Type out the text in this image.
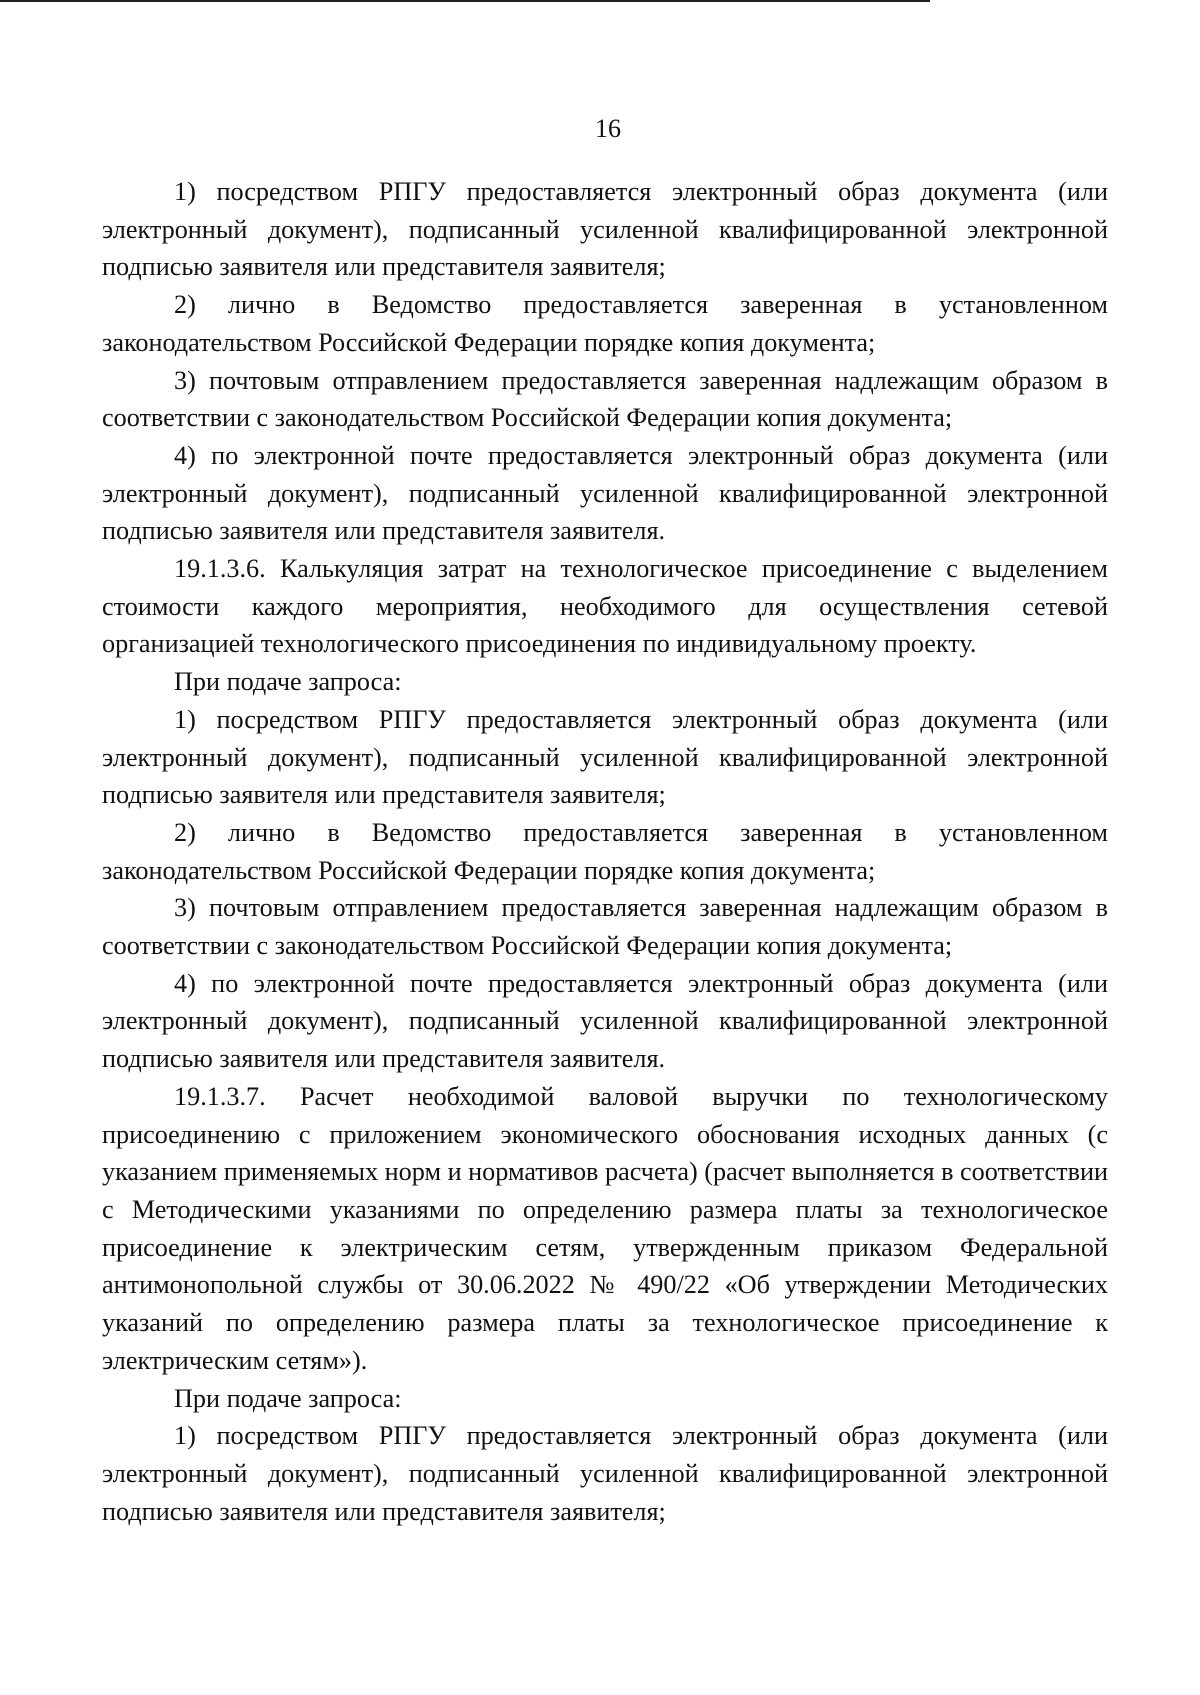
16

1) посредством РПГУ предоставляется электронный образ документа (или электронный документ), подписанный усиленной квалифицированной электронной подписью заявителя или представителя заявителя;

2) лично в Ведомство предоставляется заверенная в установленном законодательством Российской Федерации порядке копия документа;

3) почтовым отправлением предоставляется заверенная надлежащим образом в соответствии с законодательством Российской Федерации копия документа;

4) по электронной почте предоставляется электронный образ документа (или электронный документ), подписанный усиленной квалифицированной электронной подписью заявителя или представителя заявителя.

19.1.3.6. Калькуляция затрат на технологическое присоединение с выделением стоимости каждого мероприятия, необходимого для осуществления сетевой организацией технологического присоединения по индивидуальному проекту.

При подаче запроса:

1) посредством РПГУ предоставляется электронный образ документа (или электронный документ), подписанный усиленной квалифицированной электронной подписью заявителя или представителя заявителя;

2) лично в Ведомство предоставляется заверенная в установленном законодательством Российской Федерации порядке копия документа;

3) почтовым отправлением предоставляется заверенная надлежащим образом в соответствии с законодательством Российской Федерации копия документа;

4) по электронной почте предоставляется электронный образ документа (или электронный документ), подписанный усиленной квалифицированной электронной подписью заявителя или представителя заявителя.

19.1.3.7. Расчет необходимой валовой выручки по технологическому присоединению с приложением экономического обоснования исходных данных (с указанием применяемых норм и нормативов расчета) (расчет выполняется в соответствии с Методическими указаниями по определению размера платы за технологическое присоединение к электрическим сетям, утвержденным приказом Федеральной антимонопольной службы от 30.06.2022 № 490/22 «Об утверждении Методических указаний по определению размера платы за технологическое присоединение к электрическим сетям»).

При подаче запроса:

1) посредством РПГУ предоставляется электронный образ документа (или электронный документ), подписанный усиленной квалифицированной электронной подписью заявителя или представителя заявителя;
